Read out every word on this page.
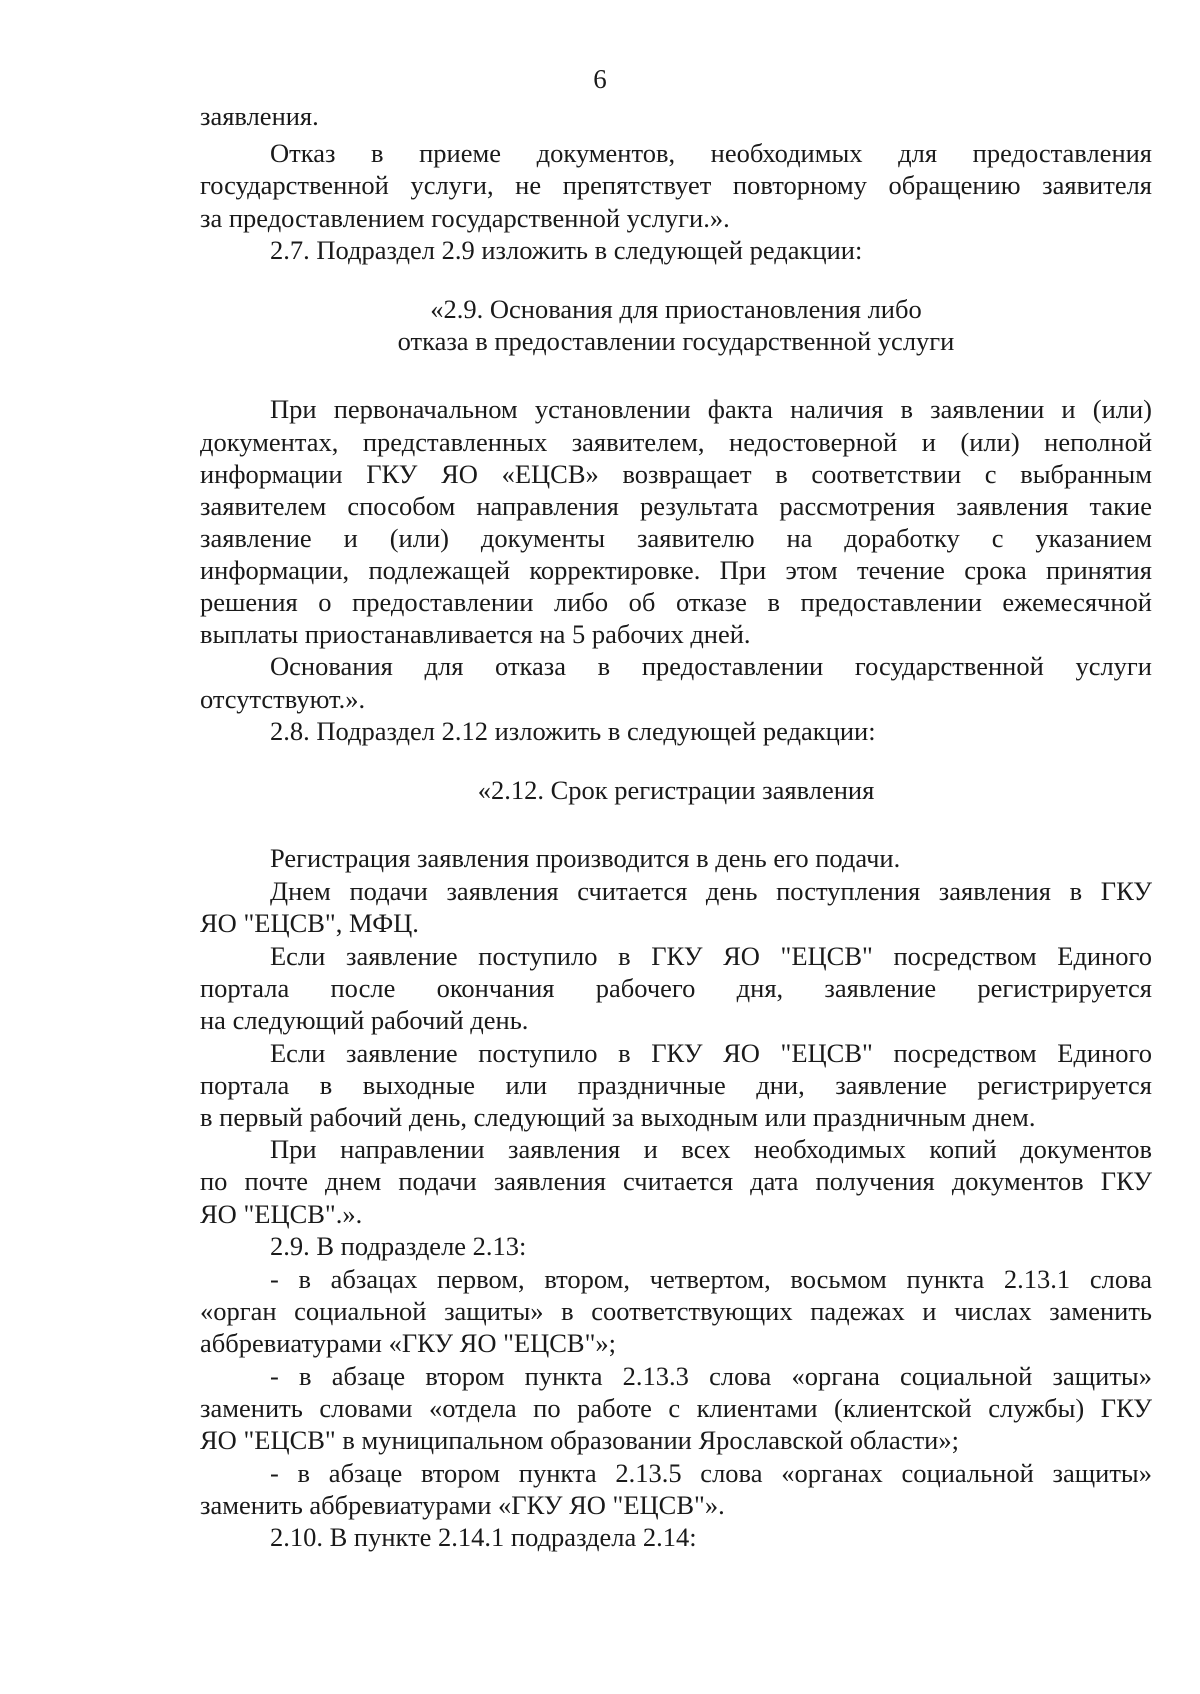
6
заявления.
Отказ в приеме документов, необходимых для предоставления
государственной услуги, не препятствует повторному обращению заявителя
за предоставлением государственной услуги.».
2.7. Подраздел 2.9 изложить в следующей редакции:
«2.9. Основания для приостановления либо
отказа в предоставлении государственной услуги
При первоначальном установлении факта наличия в заявлении и (или)
документах, представленных заявителем, недостоверной и (или) неполной
информации ГКУ ЯО «ЕЦСВ» возвращает в соответствии с выбранным
заявителем способом направления результата рассмотрения заявления такие
заявление и (или) документы заявителю на доработку с указанием
информации, подлежащей корректировке. При этом течение срока принятия
решения о предоставлении либо об отказе в предоставлении ежемесячной
выплаты приостанавливается на 5 рабочих дней.
Основания для отказа в предоставлении государственной услуги
отсутствуют.».
2.8. Подраздел 2.12 изложить в следующей редакции:
«2.12. Срок регистрации заявления
Регистрация заявления производится в день его подачи.
Днем подачи заявления считается день поступления заявления в ГКУ
ЯО "ЕЦСВ", МФЦ.
Если заявление поступило в ГКУ ЯО "ЕЦСВ" посредством Единого
портала после окончания рабочего дня, заявление регистрируется
на следующий рабочий день.
Если заявление поступило в ГКУ ЯО "ЕЦСВ" посредством Единого
портала в выходные или праздничные дни, заявление регистрируется
в первый рабочий день, следующий за выходным или праздничным днем.
При направлении заявления и всех необходимых копий документов
по почте днем подачи заявления считается дата получения документов ГКУ
ЯО "ЕЦСВ".».
2.9. В подразделе 2.13:
- в абзацах первом, втором, четвертом, восьмом пункта 2.13.1 слова
«орган социальной защиты» в соответствующих падежах и числах заменить
аббревиатурами «ГКУ ЯО "ЕЦСВ"»;
- в абзаце втором пункта 2.13.3 слова «органа социальной защиты»
заменить словами «отдела по работе с клиентами (клиентской службы) ГКУ
ЯО "ЕЦСВ" в муниципальном образовании Ярославской области»;
- в абзаце втором пункта 2.13.5 слова «органах социальной защиты»
заменить аббревиатурами «ГКУ ЯО "ЕЦСВ"».
2.10. В пункте 2.14.1 подраздела 2.14:
